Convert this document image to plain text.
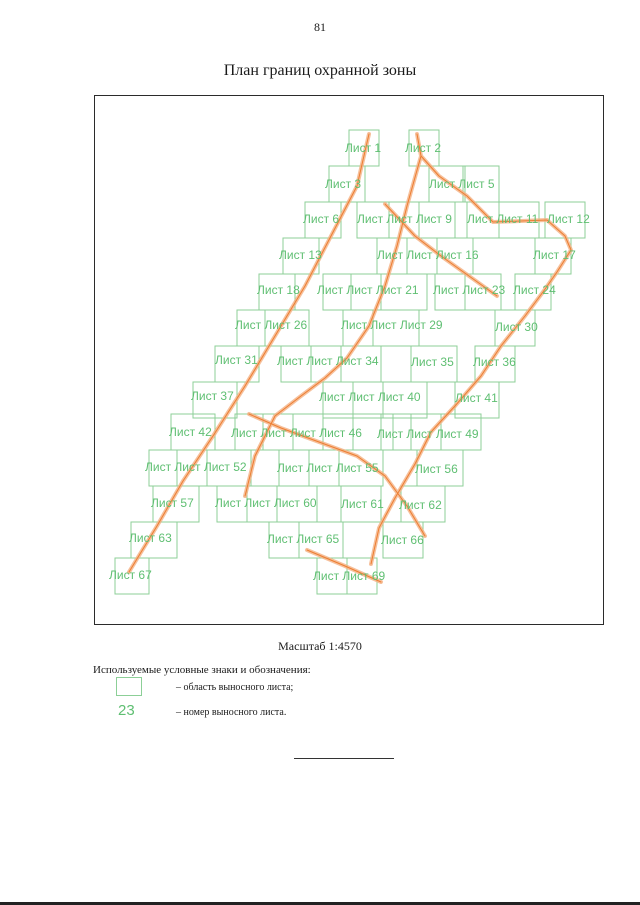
81
План границ охранной зоны
Лист 1 Лист 2
Лист 3	Лист Лист 5
Лист 6 Лист Лист Лист 9 Лист Лист 11 Лист 12
Лист 13	Лист Лист Лист 16	Лист 17
Лист 18 Лист Лист Лист 21 Лист Лист 23 Лист 24
Лист Лист 26	Лист Лист Лист 29	Лист 30
Лист 31 Лист Лист Лист 34	Лист 35 Лист 36
Лист 37	Лист Лист Лист 40	Лист 41
Лист 42 Лист Лист Лист Лист 46 Лист Лист Лист 49
Лист Лист Лист 52	Лист Лист Лист 55	Лист 56
Лист 57 Лист Лист Лист 60 Лист 61 Лист 62
Лист 63	Лист Лист 65	Лист 66
Лист 67	Лист Лист 69
Масштаб 1:4570
Используемые условные знаки и обозначения:
– область выносного листа;
23	– номер выносного листа.
